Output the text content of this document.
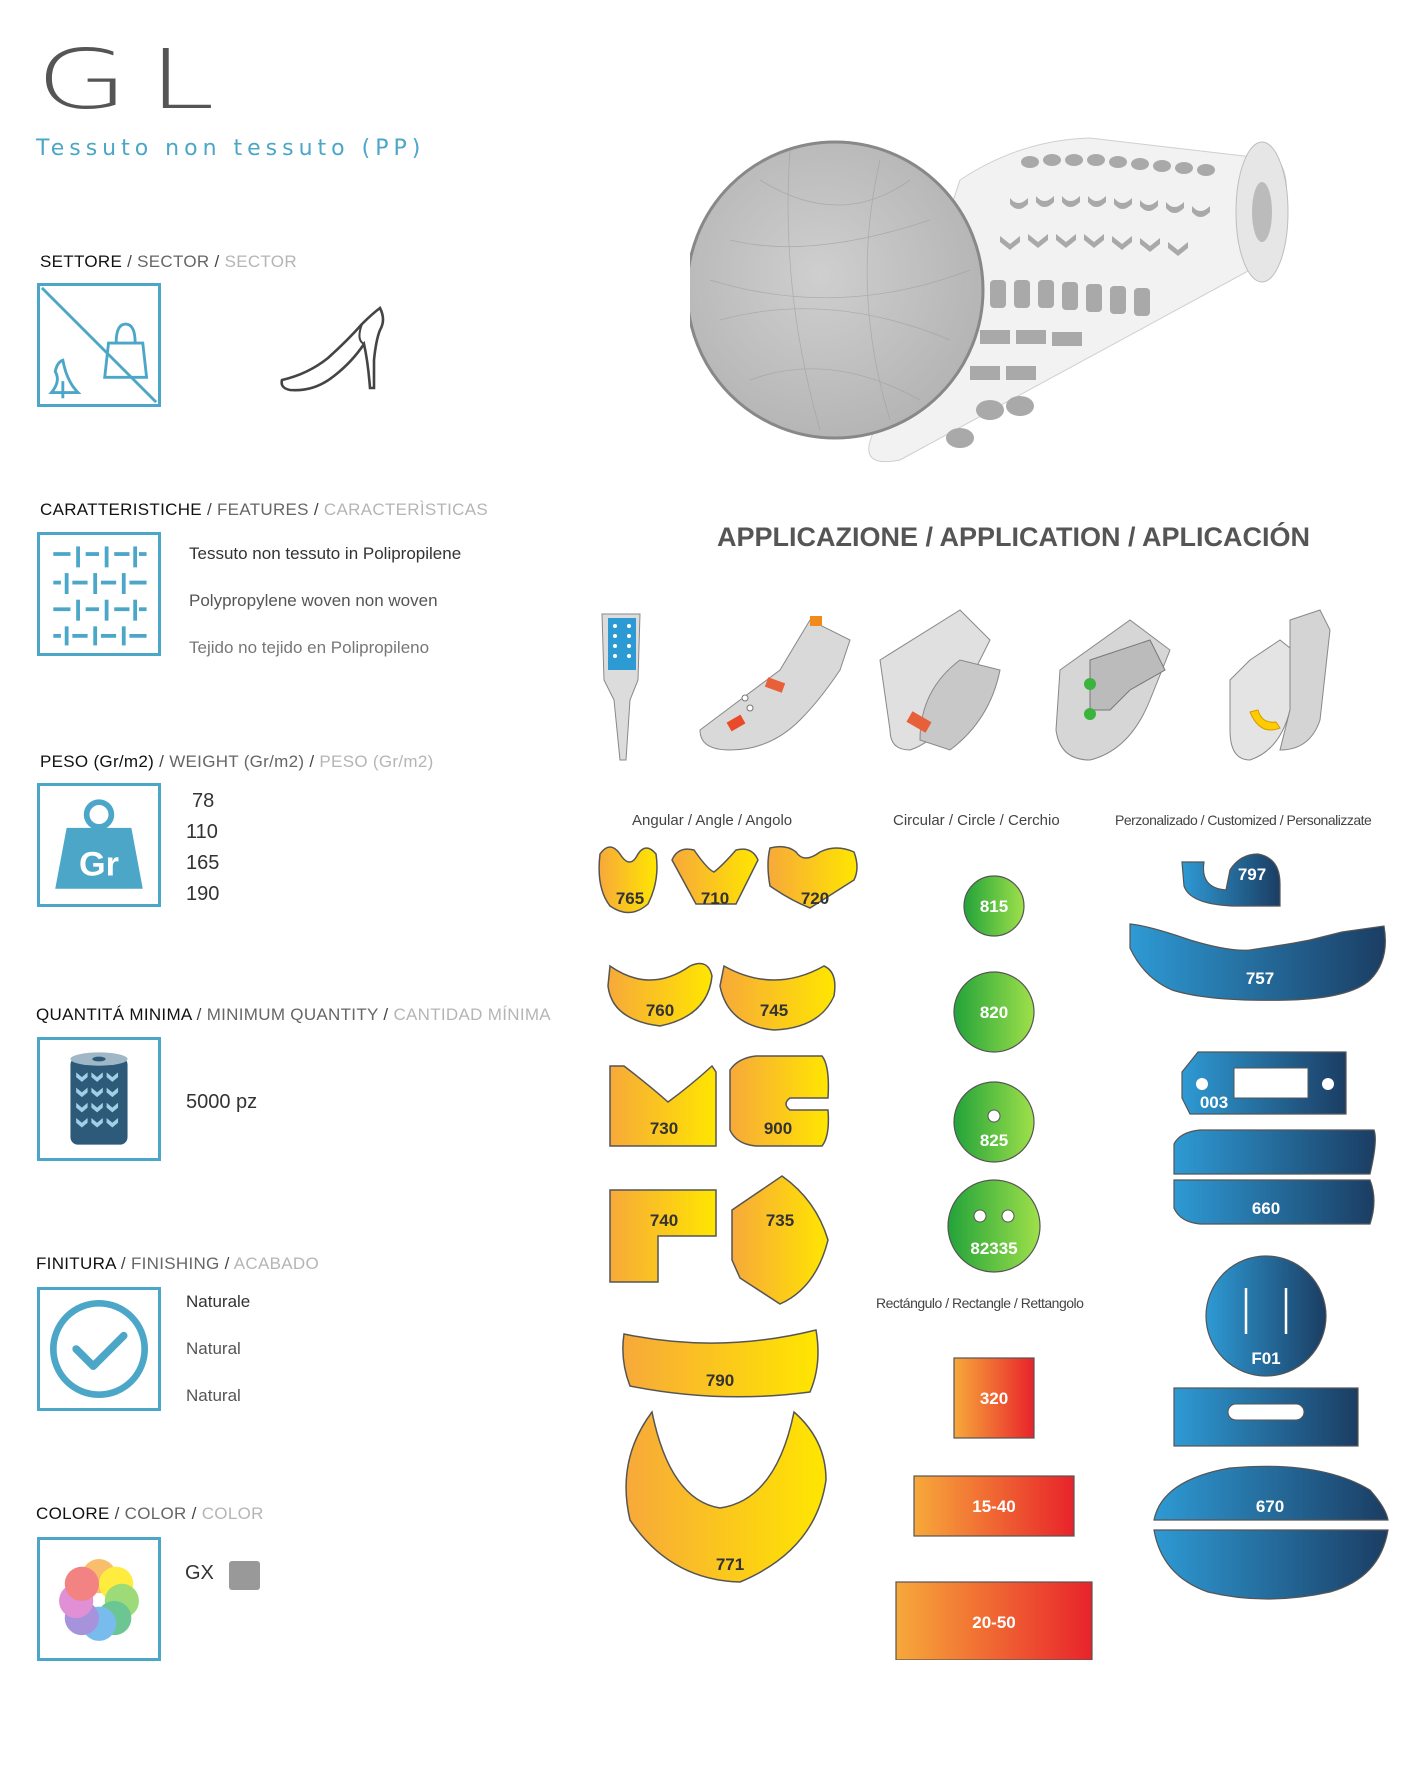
GL
Tessuto non tessuto (PP)
SETTORE / SECTOR / SECTOR
CARATTERISTICHE / FEATURES / CARACTERÌSTICAS
Tessuto non tessuto in Polipropilene
Polypropylene woven non woven
Tejido no tejido en Polipropileno
PESO (Gr/m2) / WEIGHT (Gr/m2) / PESO (Gr/m2)
Gr
78
110
165
190
QUANTITÁ MINIMA / MINIMUM QUANTITY / CANTIDAD MÍNIMA
5000 pz
FINITURA / FINISHING / ACABADO
Naturale
Natural
Natural
COLORE / COLOR / COLOR
GX
APPLICAZIONE / APPLICATION / APLICACIÓN
Angular / Angle / Angolo	Circular / Circle / Cerchio	Perzonalizado / Customized / Personalizzate
Rectángulo / Rectangle / Rettangolo
765	710	720
760	745
730	900
740	735
790
771
815
820
825
82335
320
15-40
20-50
797
757
003
660
F01
670
